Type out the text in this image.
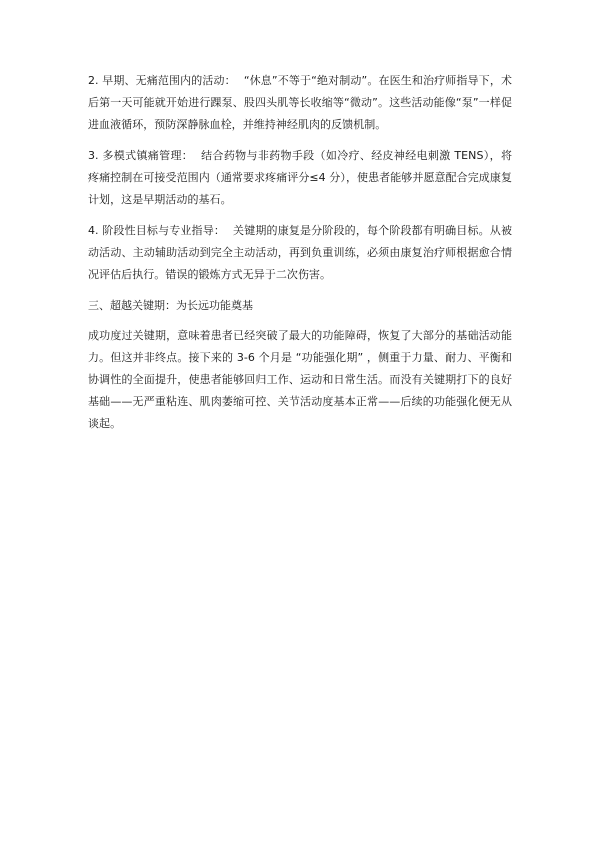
2. 早期、无痛范围内的活动： “休息”不等于“绝对制动”。在医生和治疗师指导下，术后第一天可能就开始进行踝泵、股四头肌等长收缩等“微动”。这些活动能像“泵”一样促进血液循环，预防深静脉血栓，并维持神经肌肉的反馈机制。

3. 多模式镇痛管理： 结合药物与非药物手段（如冷疗、经皮神经电刺激 TENS），将疼痛控制在可接受范围内（通常要求疼痛评分≤4 分），使患者能够并愿意配合完成康复计划，这是早期活动的基石。

4. 阶段性目标与专业指导： 关键期的康复是分阶段的，每个阶段都有明确目标。从被动活动、主动辅助活动到完全主动活动，再到负重训练，必须由康复治疗师根据愈合情况评估后执行。错误的锻炼方式无异于二次伤害。

三、超越关键期：为长远功能奠基

成功度过关键期，意味着患者已经突破了最大的功能障碍，恢复了大部分的基础活动能力。但这并非终点。接下来的 3-6 个月是 “功能强化期” ，侧重于力量、耐力、平衡和协调性的全面提升，使患者能够回归工作、运动和日常生活。而没有关键期打下的良好基础——无严重粘连、肌肉萎缩可控、关节活动度基本正常——后续的功能强化便无从谈起。
